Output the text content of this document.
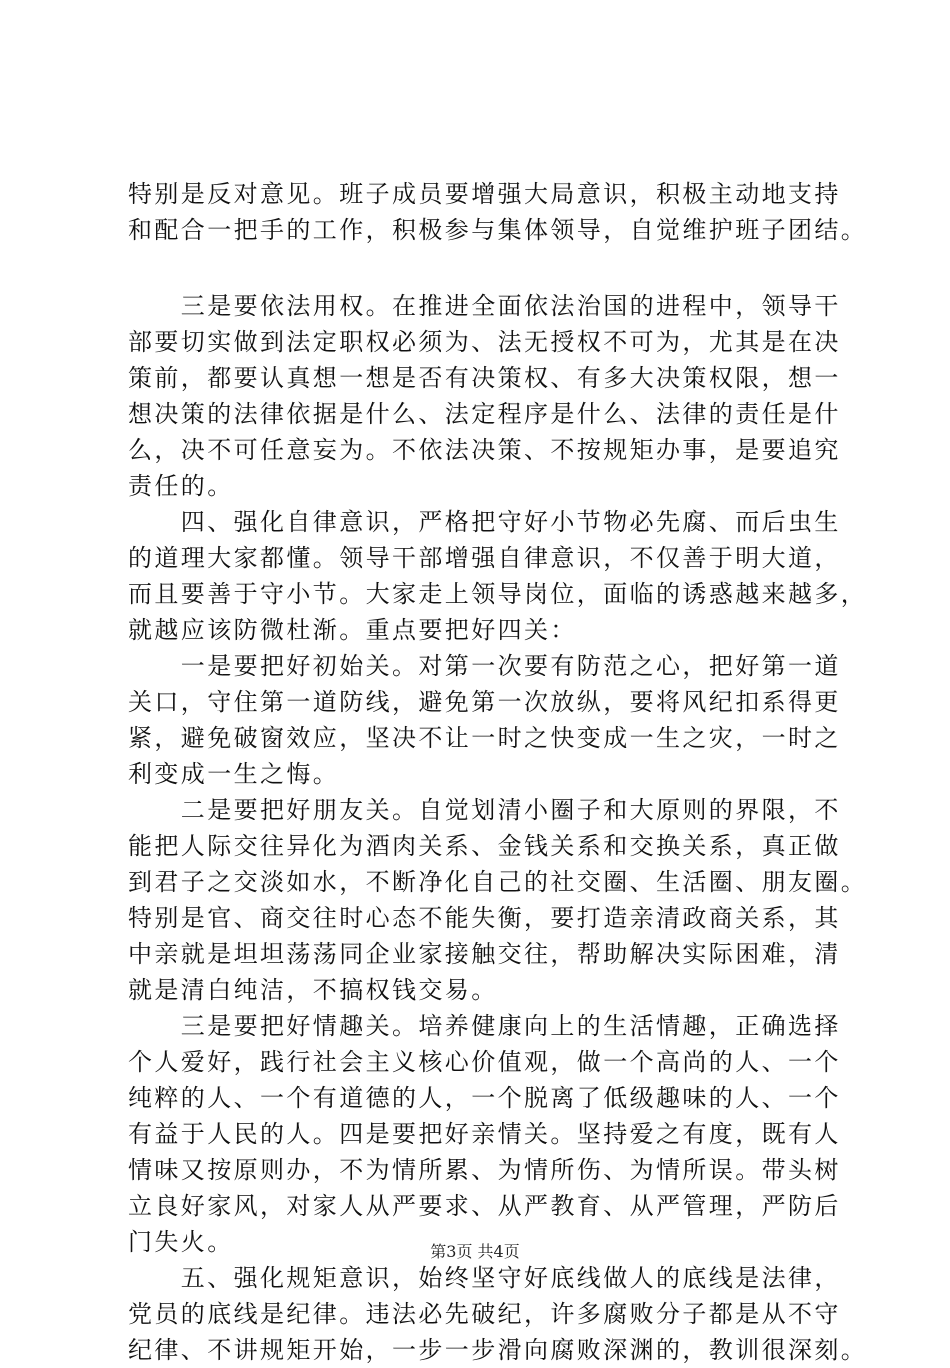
特别是反对意见。班子成员要增强大局意识，积极主动地支持
和配合一把手的工作，积极参与集体领导，自觉维护班子团结。
　　三是要依法用权。在推进全面依法治国的进程中，领导干
部要切实做到法定职权必须为、法无授权不可为，尤其是在决
策前，都要认真想一想是否有决策权、有多大决策权限，想一
想决策的法律依据是什么、法定程序是什么、法律的责任是什
么，决不可任意妄为。不依法决策、不按规矩办事，是要追究
责任的。
　　四、强化自律意识，严格把守好小节物必先腐、而后虫生
的道理大家都懂。领导干部增强自律意识，不仅善于明大道，
而且要善于守小节。大家走上领导岗位，面临的诱惑越来越多，
就越应该防微杜渐。重点要把好四关：
　　一是要把好初始关。对第一次要有防范之心，把好第一道
关口，守住第一道防线，避免第一次放纵，要将风纪扣系得更
紧，避免破窗效应，坚决不让一时之快变成一生之灾，一时之
利变成一生之悔。
　　二是要把好朋友关。自觉划清小圈子和大原则的界限，不
能把人际交往异化为酒肉关系、金钱关系和交换关系，真正做
到君子之交淡如水，不断净化自己的社交圈、生活圈、朋友圈。
特别是官、商交往时心态不能失衡，要打造亲清政商关系，其
中亲就是坦坦荡荡同企业家接触交往，帮助解决实际困难，清
就是清白纯洁，不搞权钱交易。
　　三是要把好情趣关。培养健康向上的生活情趣，正确选择
个人爱好，践行社会主义核心价值观，做一个高尚的人、一个
纯粹的人、一个有道德的人，一个脱离了低级趣味的人、一个
有益于人民的人。四是要把好亲情关。坚持爱之有度，既有人
情味又按原则办，不为情所累、为情所伤、为情所误。带头树
立良好家风，对家人从严要求、从严教育、从严管理，严防后
门失火。
　　五、强化规矩意识，始终坚守好底线做人的底线是法律，
党员的底线是纪律。违法必先破纪，许多腐败分子都是从不守
纪律、不讲规矩开始，一步一步滑向腐败深渊的，教训很深刻。
第3页 共4页
